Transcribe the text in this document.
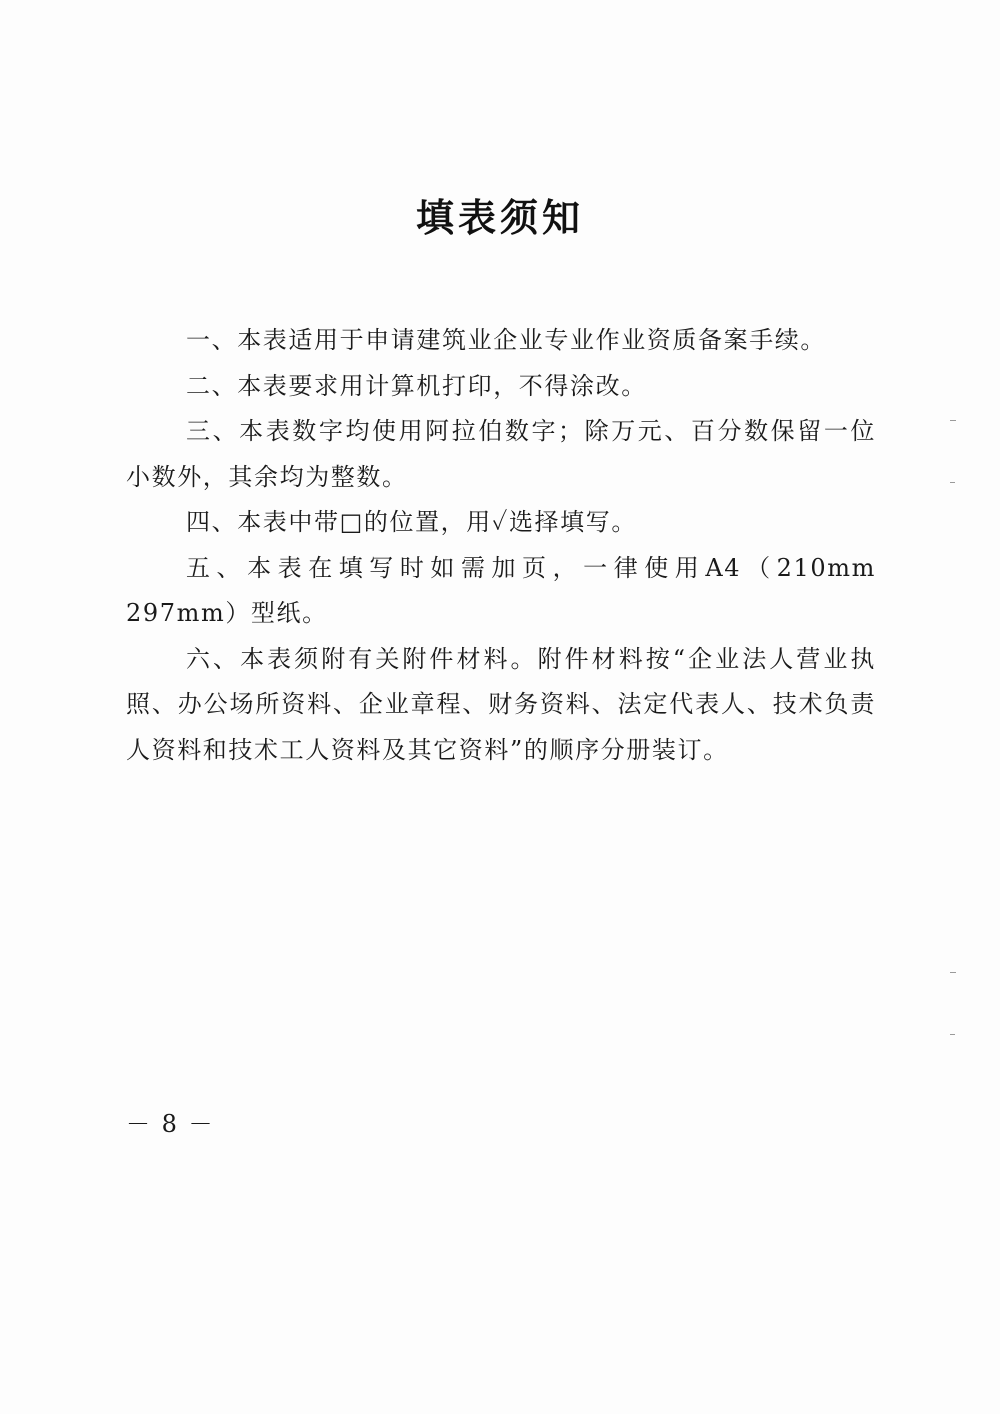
填表须知

一、本表适用于申请建筑业企业专业作业资质备案手续。

二、本表要求用计算机打印，不得涂改。

三、本表数字均使用阿拉伯数字；除万元、百分数保留一位小数外，其余均为整数。

四、本表中带□的位置，用✓选择填写。

五、本表在填写时如需加页，一律使用A4（210mm 297mm）型纸。

六、本表须附有关附件材料。附件材料按“企业法人营业执照、办公场所资料、企业章程、财务资料、法定代表人、技术负责人资料和技术工人资料及其它资料”的顺序分册装订。

－ 8 －
